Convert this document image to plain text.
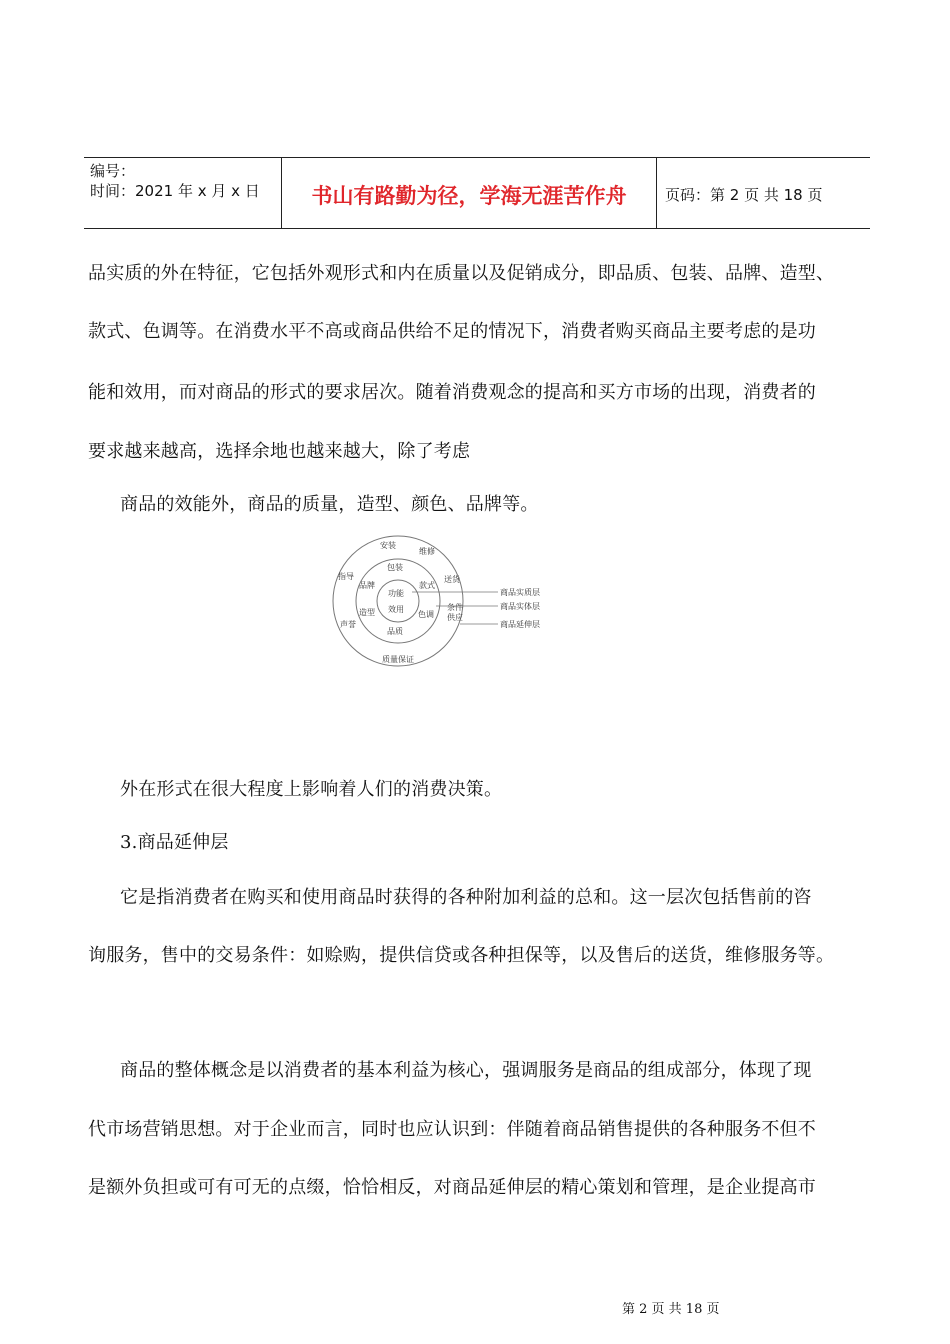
编号：
时间：2021 年 x 月 x 日	书山有路勤为径，学海无涯苦作舟	页码：第 2 页 共 18 页
品实质的外在特征，它包括外观形式和内在质量以及促销成分，即品质、包装、品牌、造型、
款式、色调等。在消费水平不高或商品供给不足的情况下，消费者购买商品主要考虑的是功
能和效用，而对商品的形式的要求居次。随着消费观念的提高和买方市场的出现，消费者的
要求越来越高，选择余地也越来越大，除了考虑
商品的效能外，商品的质量，造型、颜色、品牌等。
安装
维修
送货
指导
声誉
质量保证
包装
款式
品牌
造型	色调
品质
条件
供应
功能
效用
商品实质层
商品实体层
商品延伸层
外在形式在很大程度上影响着人们的消费决策。
3.商品延伸层
它是指消费者在购买和使用商品时获得的各种附加利益的总和。这一层次包括售前的咨
询服务，售中的交易条件：如赊购，提供信贷或各种担保等，以及售后的送货，维修服务等。
商品的整体概念是以消费者的基本利益为核心，强调服务是商品的组成部分，体现了现
代市场营销思想。对于企业而言，同时也应认识到：伴随着商品销售提供的各种服务不但不
是额外负担或可有可无的点缀，恰恰相反，对商品延伸层的精心策划和管理，是企业提高市
第 2 页 共 18 页
